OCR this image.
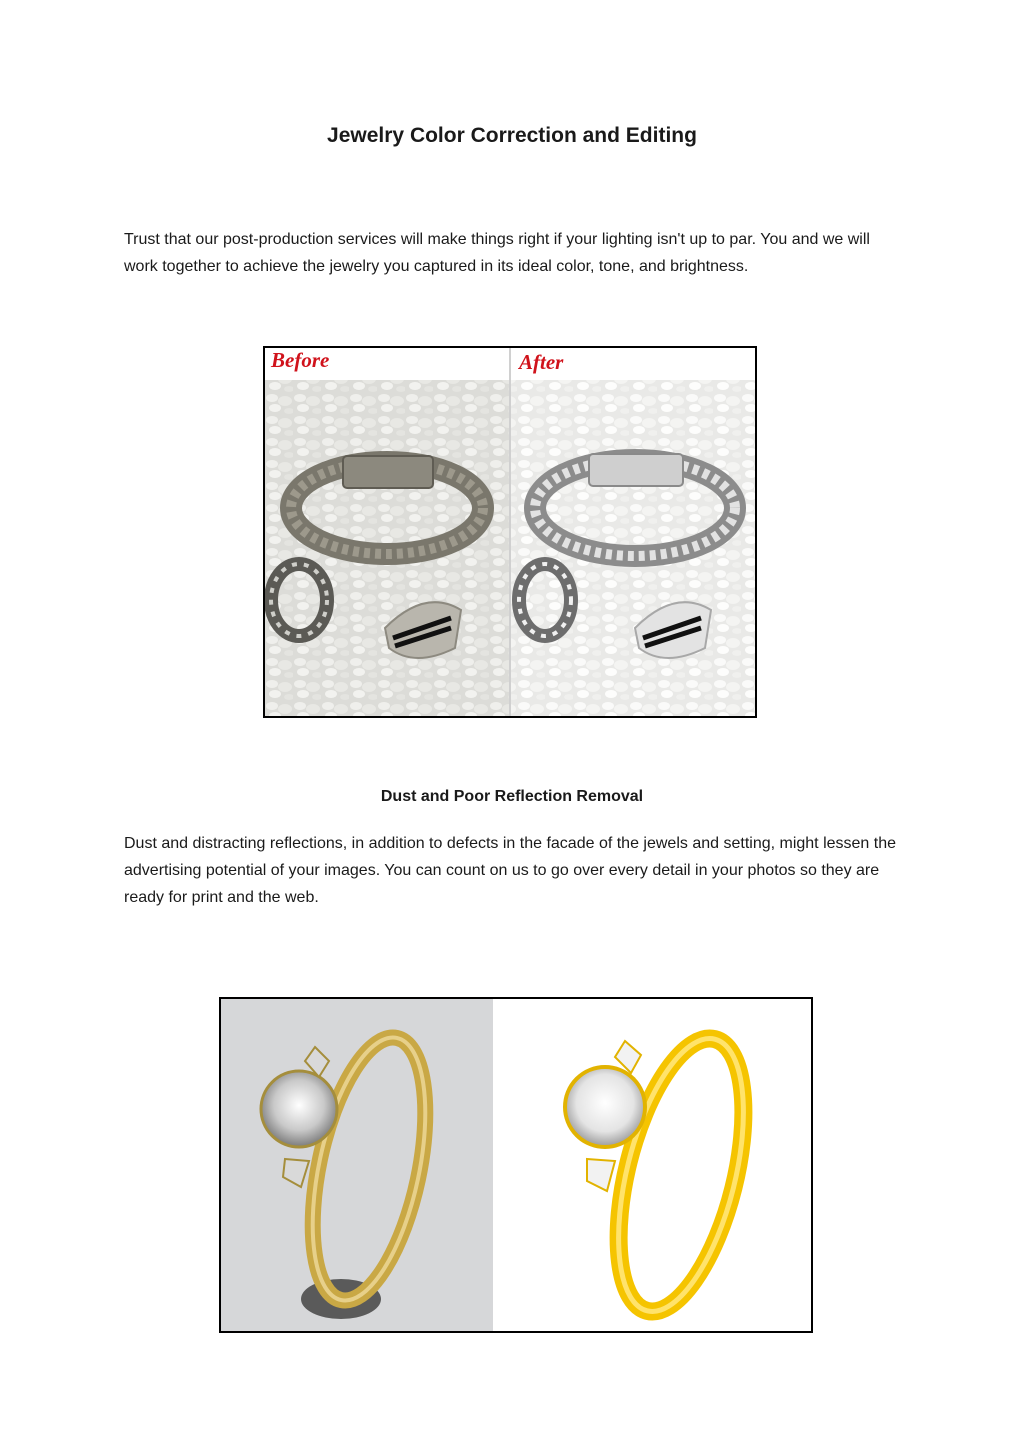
Jewelry Color Correction and Editing

Trust that our post-production services will make things right if your lighting isn't up to par. You and we will work together to achieve the jewelry you captured in its ideal color, tone, and brightness.

Before	After
Dust and Poor Reflection Removal

Dust and distracting reflections, in addition to defects in the facade of the jewels and setting, might lessen the advertising potential of your images. You can count on us to go over every detail in your photos so they are ready for print and the web.
